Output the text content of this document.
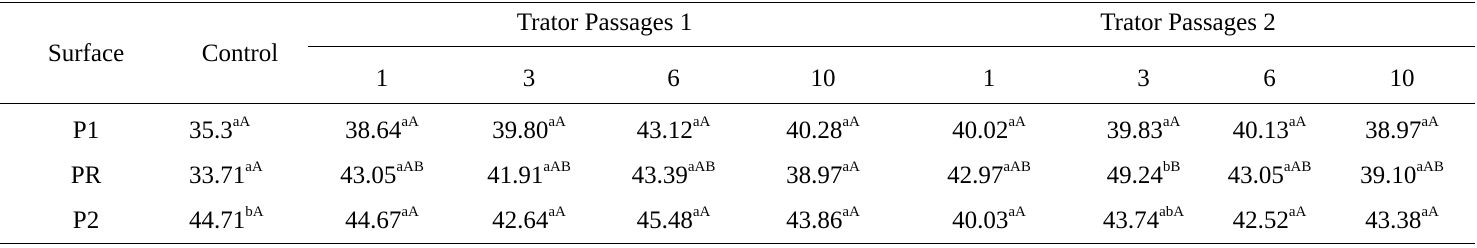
Surface	Control	Trator Passages 1				Trator Passages 2			

		1	3	6	10	1	3	6	10
P1	$35.3^{aA}$	$38.64^{aA}$	$39.80^{aA}$	$43.12^{aA}$	$40.28^{aA}$	$40.02^{aA}$	$39.83^{aA}$	$40.13^{aA}$	$38.97^{aA}$
PR	$33.71^{aA}$	$43.05^{aAB}$	$41.91^{aAB}$	$43.39^{aAB}$	$38.97^{aA}$	$42.97^{aAB}$	$49.24^{bB}$	$43.05^{aAB}$	$39.10^{aAB}$
P2	$44.71^{bA}$	$44.67^{aA}$	$42.64^{aA}$	$45.48^{aA}$	$43.86^{aA}$	$40.03^{aA}$	$43.74^{abA}$	$42.52^{aA}$	$43.38^{aA}$
